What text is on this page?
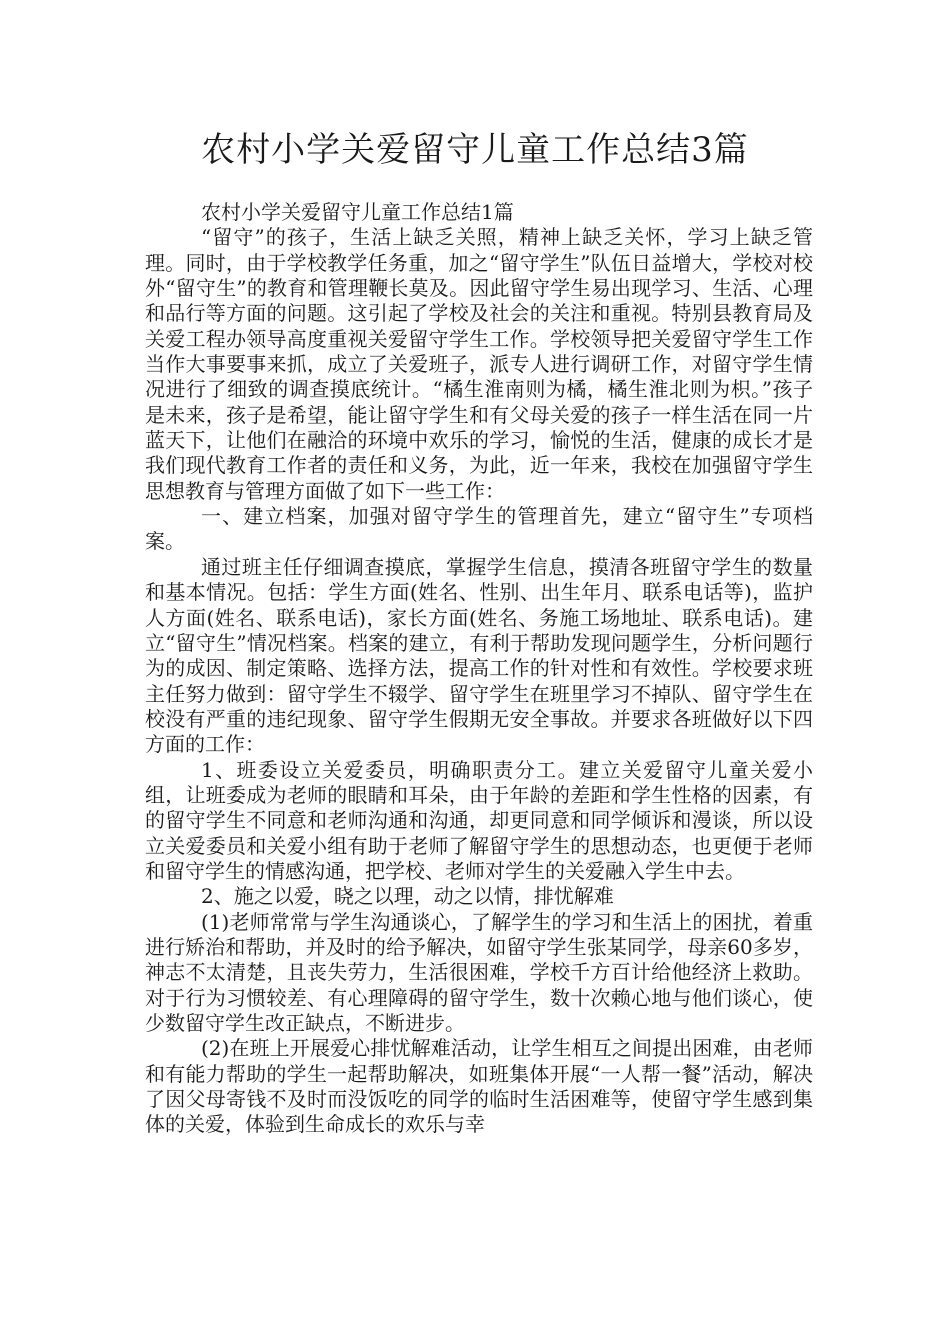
农村小学关爱留守儿童工作总结3篇

农村小学关爱留守儿童工作总结1篇

“留守”的孩子，生活上缺乏关照，精神上缺乏关怀，学习上缺乏管理。同时，由于学校教学任务重，加之“留守学生”队伍日益增大，学校对校外“留守生”的教育和管理鞭长莫及。因此留守学生易出现学习、生活、心理和品行等方面的问题。这引起了学校及社会的关注和重视。特别县教育局及关爱工程办领导高度重视关爱留守学生工作。学校领导把关爱留守学生工作当作大事要事来抓，成立了关爱班子，派专人进行调研工作，对留守学生情况进行了细致的调查摸底统计。“橘生淮南则为橘，橘生淮北则为枳。”孩子是未来，孩子是希望，能让留守学生和有父母关爱的孩子一样生活在同一片蓝天下，让他们在融洽的环境中欢乐的学习，愉悦的生活，健康的成长才是我们现代教育工作者的责任和义务，为此，近一年来，我校在加强留守学生思想教育与管理方面做了如下一些工作：

一、建立档案，加强对留守学生的管理首先，建立“留守生”专项档案。

通过班主任仔细调查摸底，掌握学生信息，摸清各班留守学生的数量和基本情况。包括：学生方面(姓名、性别、出生年月、联系电话等)，监护人方面(姓名、联系电话)，家长方面(姓名、务施工场地址、联系电话)。建立“留守生”情况档案。档案的建立，有利于帮助发现问题学生，分析问题行为的成因、制定策略、选择方法，提高工作的针对性和有效性。学校要求班主任努力做到：留守学生不辍学、留守学生在班里学习不掉队、留守学生在校没有严重的违纪现象、留守学生假期无安全事故。并要求各班做好以下四方面的工作：

1、班委设立关爱委员，明确职责分工。建立关爱留守儿童关爱小组，让班委成为老师的眼睛和耳朵，由于年龄的差距和学生性格的因素，有的留守学生不同意和老师沟通和沟通，却更同意和同学倾诉和漫谈，所以设立关爱委员和关爱小组有助于老师了解留守学生的思想动态，也更便于老师和留守学生的情感沟通，把学校、老师对学生的关爱融入学生中去。

2、施之以爱，晓之以理，动之以情，排忧解难

(1)老师常常与学生沟通谈心，了解学生的学习和生活上的困扰，着重进行矫治和帮助，并及时的给予解决，如留守学生张某同学，母亲60多岁，神志不太清楚，且丧失劳力，生活很困难，学校千方百计给他经济上救助。对于行为习惯较差、有心理障碍的留守学生，数十次赖心地与他们谈心，使少数留守学生改正缺点，不断进步。

(2)在班上开展爱心排忧解难活动，让学生相互之间提出困难，由老师和有能力帮助的学生一起帮助解决，如班集体开展“一人帮一餐”活动，解决了因父母寄钱不及时而没饭吃的同学的临时生活困难等，使留守学生感到集体的关爱，体验到生命成长的欢乐与幸
